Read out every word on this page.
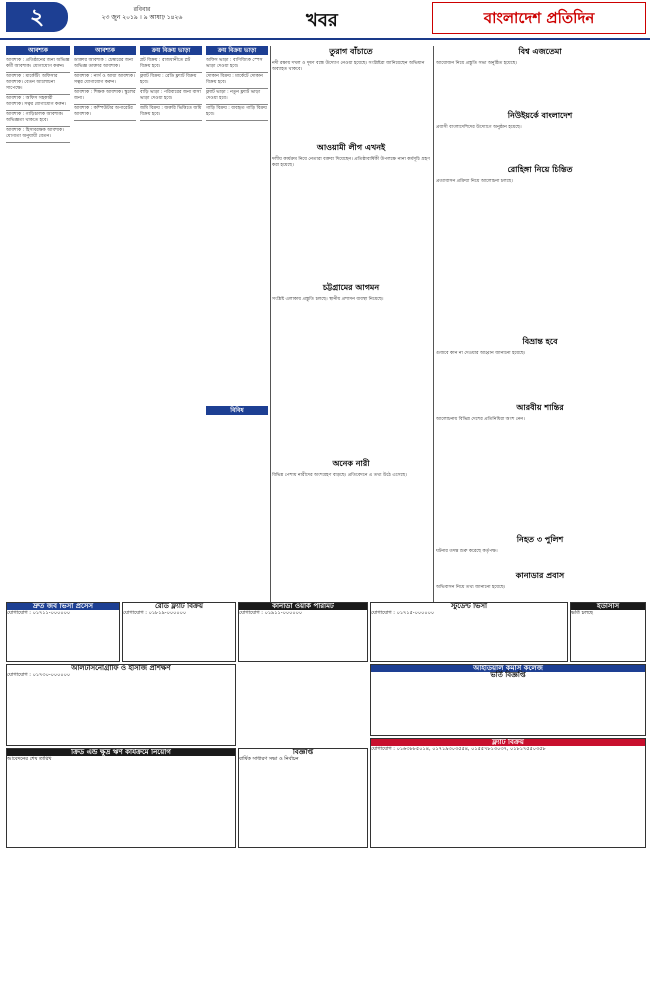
২	রবিবার
২৩ জুন ২০১৯ । ৯ আষাঢ় ১৪২৬	খবর	বাংলাদেশ প্রতিদিন
আবশ্যক
আবশ্যক : প্রতিষ্ঠানের জন্য অভিজ্ঞ কর্মী আবশ্যক। যোগাযোগ করুন।
আবশ্যক : মার্কেটিং অফিসার আবশ্যক। বেতন আলোচনা সাপেক্ষে।
আবশ্যক : অফিস সহকারী আবশ্যক। সত্বর যোগাযোগ করুন।
আবশ্যক : গাড়িচালক আবশ্যক। অভিজ্ঞতা থাকতে হবে।
আবশ্যক : হিসাবরক্ষক আবশ্যক। যোগ্যতা অনুযায়ী বেতন।
আবশ্যক
ডাক্তার আবশ্যক : চেম্বারের জন্য অভিজ্ঞ ডাক্তার আবশ্যক।
আবশ্যক : নার্স ও আয়া আবশ্যক। সত্বর যোগাযোগ করুন।
আবশ্যক : শিক্ষক আবশ্যক। স্কুলের জন্য।
আবশ্যক : কম্পিউটার অপারেটর আবশ্যক।
ক্রয় বিক্রয় ভাড়া
প্লট বিক্রয় : রাজধানীতে প্লট বিক্রয় হবে।
ফ্ল্যাট বিক্রয় : রেডি ফ্ল্যাট বিক্রয় হবে।
বাড়ি ভাড়া : পরিবারের জন্য বাসা ভাড়া দেওয়া হবে।
জমি বিক্রয় : জরুরি ভিত্তিতে জমি বিক্রয় হবে।
ক্রয় বিক্রয় ভাড়া
অফিস ভাড়া : বাণিজ্যিক স্পেস ভাড়া দেওয়া হবে।
দোকান বিক্রয় : মার্কেটে দোকান বিক্রয় হবে।
ফ্ল্যাট ভাড়া : নতুন ফ্ল্যাট ভাড়া দেওয়া হবে।
গাড়ি বিক্রয় : ব্যবহৃত গাড়ি বিক্রয় হবে।
বিবিধ
তুরাগ বাঁচাতে
নদী রক্ষায় দখল ও দূষণ বন্ধে উদ্যোগ নেওয়া হয়েছে। সংশ্লিষ্টরা জানিয়েছেন অভিযান অব্যাহত থাকবে।
আওয়ামী লীগ এখনই
দলীয় কার্যক্রম নিয়ে নেতারা বক্তব্য দিয়েছেন। প্রতিষ্ঠাবার্ষিকী উপলক্ষে নানা কর্মসূচি গ্রহণ করা হয়েছে।
চট্টগ্রামের আগমন
সংশ্লিষ্ট এলাকায় প্রস্তুতি চলছে। স্থানীয় প্রশাসন ব্যবস্থা নিয়েছে।
অনেক নারী
বিভিন্ন পেশায় নারীদের অংশগ্রহণ বাড়ছে। প্রতিবেদনে এ তথ্য উঠে এসেছে।
বিশ্ব এজতেমা
আয়োজন নিয়ে প্রস্তুতি সভা অনুষ্ঠিত হয়েছে।
নিউইয়র্কে বাংলাদেশ
প্রবাসী বাংলাদেশিদের উদ্যোগে অনুষ্ঠান হয়েছে।
রোহিঙ্গা নিয়ে চিন্তিত
প্রত্যাবাসন প্রক্রিয়া নিয়ে আলোচনা চলছে।
বিভ্রান্ত হবে
গুজবে কান না দেওয়ার আহ্বান জানানো হয়েছে।
আরবীয় শান্তির
আলোচনায় বিভিন্ন দেশের প্রতিনিধিরা অংশ নেন।
নিহত ৩ পুলিশ
ঘটনার তদন্ত শুরু করেছে কর্তৃপক্ষ।
কানাডার প্রবাস
অভিবাসন নিয়ে তথ্য জানানো হয়েছে।
দ্রুত জব ভিসা প্রসেস
যোগাযোগ : ০১৭১১-০০০০০০
রেডি ফ্ল্যাট বিক্রয়
যোগাযোগ : ০১৮১৯-০০০০০০
কানাডা ওয়ার্ক পারমিট
যোগাযোগ : ০১৯১১-০০০০০০
আলটাসনোগ্রাফি ও ইসিজি প্রশিক্ষণ
যোগাযোগ : ০১৭৩০-০০০০০০
ক্রিড এন্ড ক্ষুদ্র ঋণ কার্যক্রমে নিয়োগ
আবেদনের শেষ তারিখ
বিজ্ঞপ্তি
বার্ষিক সাধারণ সভা ও নির্বাচন
আইডিয়াল কমার্স কলেজ
ভর্তি বিজ্ঞপ্তি
ফ্ল্যাট বিক্রয়
যোগাযোগ : ০১৬৩৮৮৫০১৪, ০১৭১৯৩০৩৫৫৪, ০১৫৫৭৮১৩০৩৭, ০১৮১৭৫৫০৩৫৮
ইউসিসি
ভর্তি চলছে
স্টুডেন্ট ভিসা
যোগাযোগ : ০১৭১৫-০০০০০০
